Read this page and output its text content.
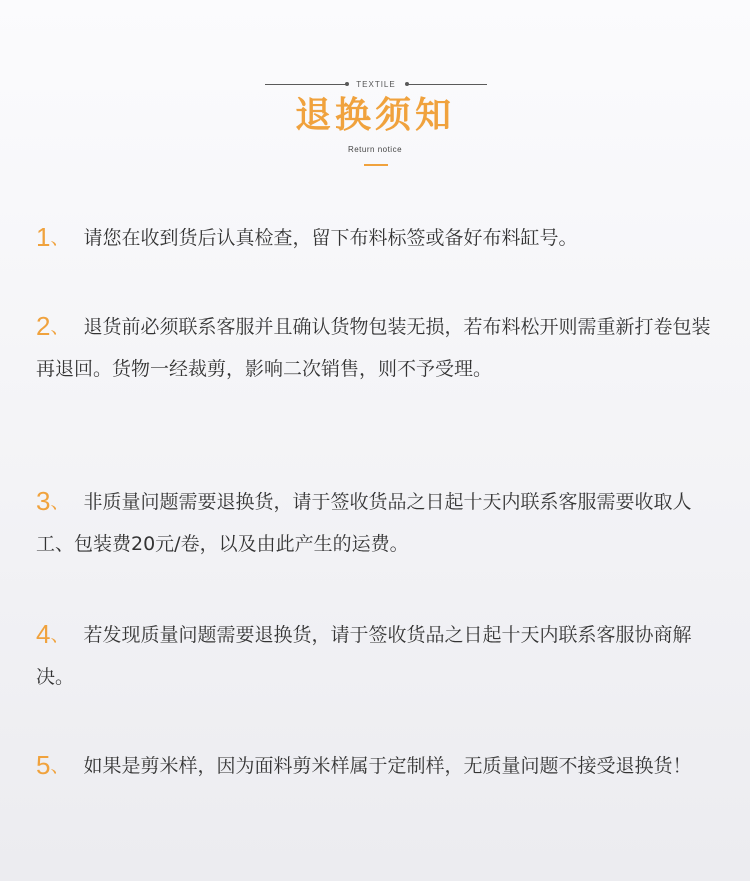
TEXTILE
退换须知
Return notice
1、 请您在收到货后认真检查，留下布料标签或备好布料缸号。
2、 退货前必须联系客服并且确认货物包装无损，若布料松开则需重新打卷包装再退回。货物一经裁剪，影响二次销售，则不予受理。
3、 非质量问题需要退换货，请于签收货品之日起十天内联系客服需要收取人工、包装费20元/卷，以及由此产生的运费。
4、 若发现质量问题需要退换货，请于签收货品之日起十天内联系客服协商解决。
5、 如果是剪米样，因为面料剪米样属于定制样，无质量问题不接受退换货！
